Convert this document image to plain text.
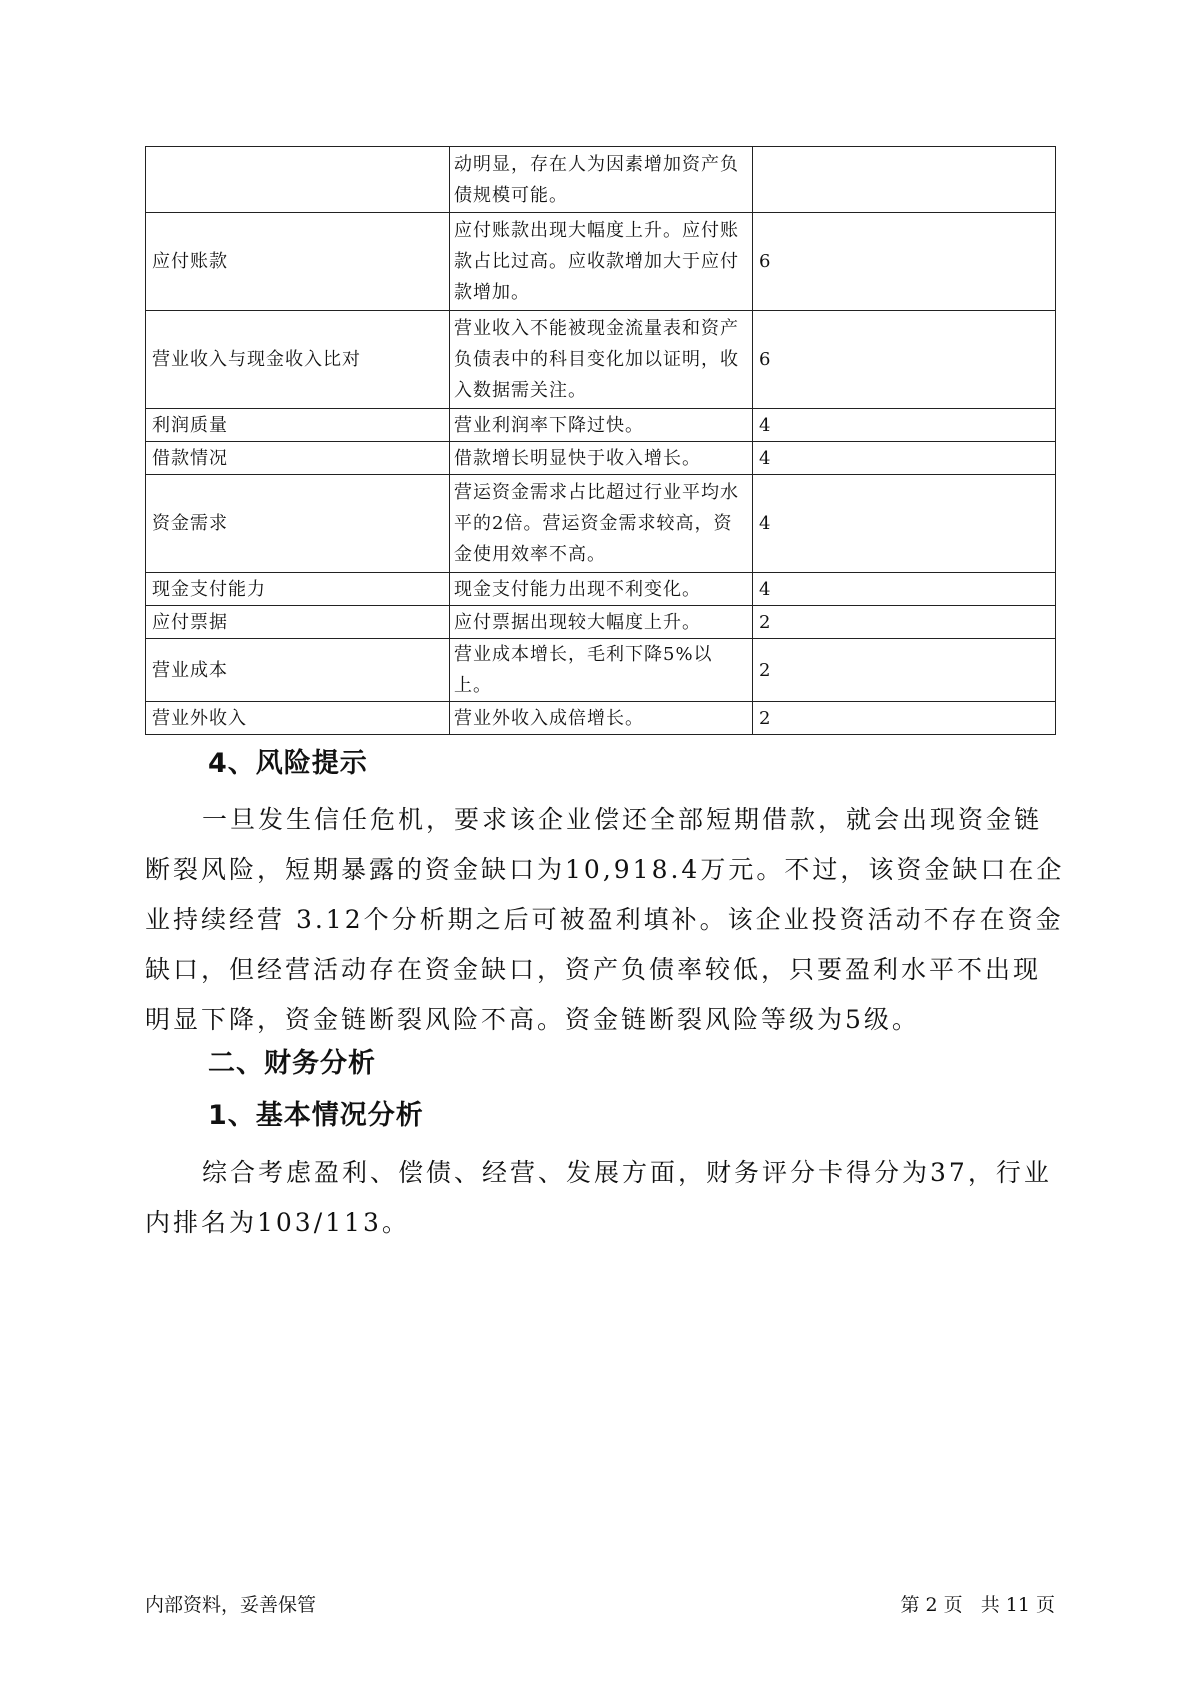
	动明显，存在人为因素增加资产负债规模可能。	
应付账款	应付账款出现大幅度上升。应付账款占比过高。应收款增加大于应付款增加。	6
营业收入与现金收入比对	营业收入不能被现金流量表和资产负债表中的科目变化加以证明，收入数据需关注。	6
利润质量	营业利润率下降过快。	4
借款情况	借款增长明显快于收入增长。	4
资金需求	营运资金需求占比超过行业平均水平的2倍。营运资金需求较高，资金使用效率不高。	4
现金支付能力	现金支付能力出现不利变化。	4
应付票据	应付票据出现较大幅度上升。	2
营业成本	营业成本增长，毛利下降5%以上。	2
营业外收入	营业外收入成倍增长。	2
4、风险提示

一旦发生信任危机，要求该企业偿还全部短期借款，就会出现资金链断裂风险，短期暴露的资金缺口为10,918.4万元。不过，该资金缺口在企业持续经营 3.12个分析期之后可被盈利填补。该企业投资活动不存在资金缺口，但经营活动存在资金缺口，资产负债率较低，只要盈利水平不出现明显下降，资金链断裂风险不高。资金链断裂风险等级为5级。

二、财务分析
1、基本情况分析

综合考虑盈利、偿债、经营、发展方面，财务评分卡得分为37，行业内排名为103/113。

内部资料，妥善保管	第 2 页   共 11 页
